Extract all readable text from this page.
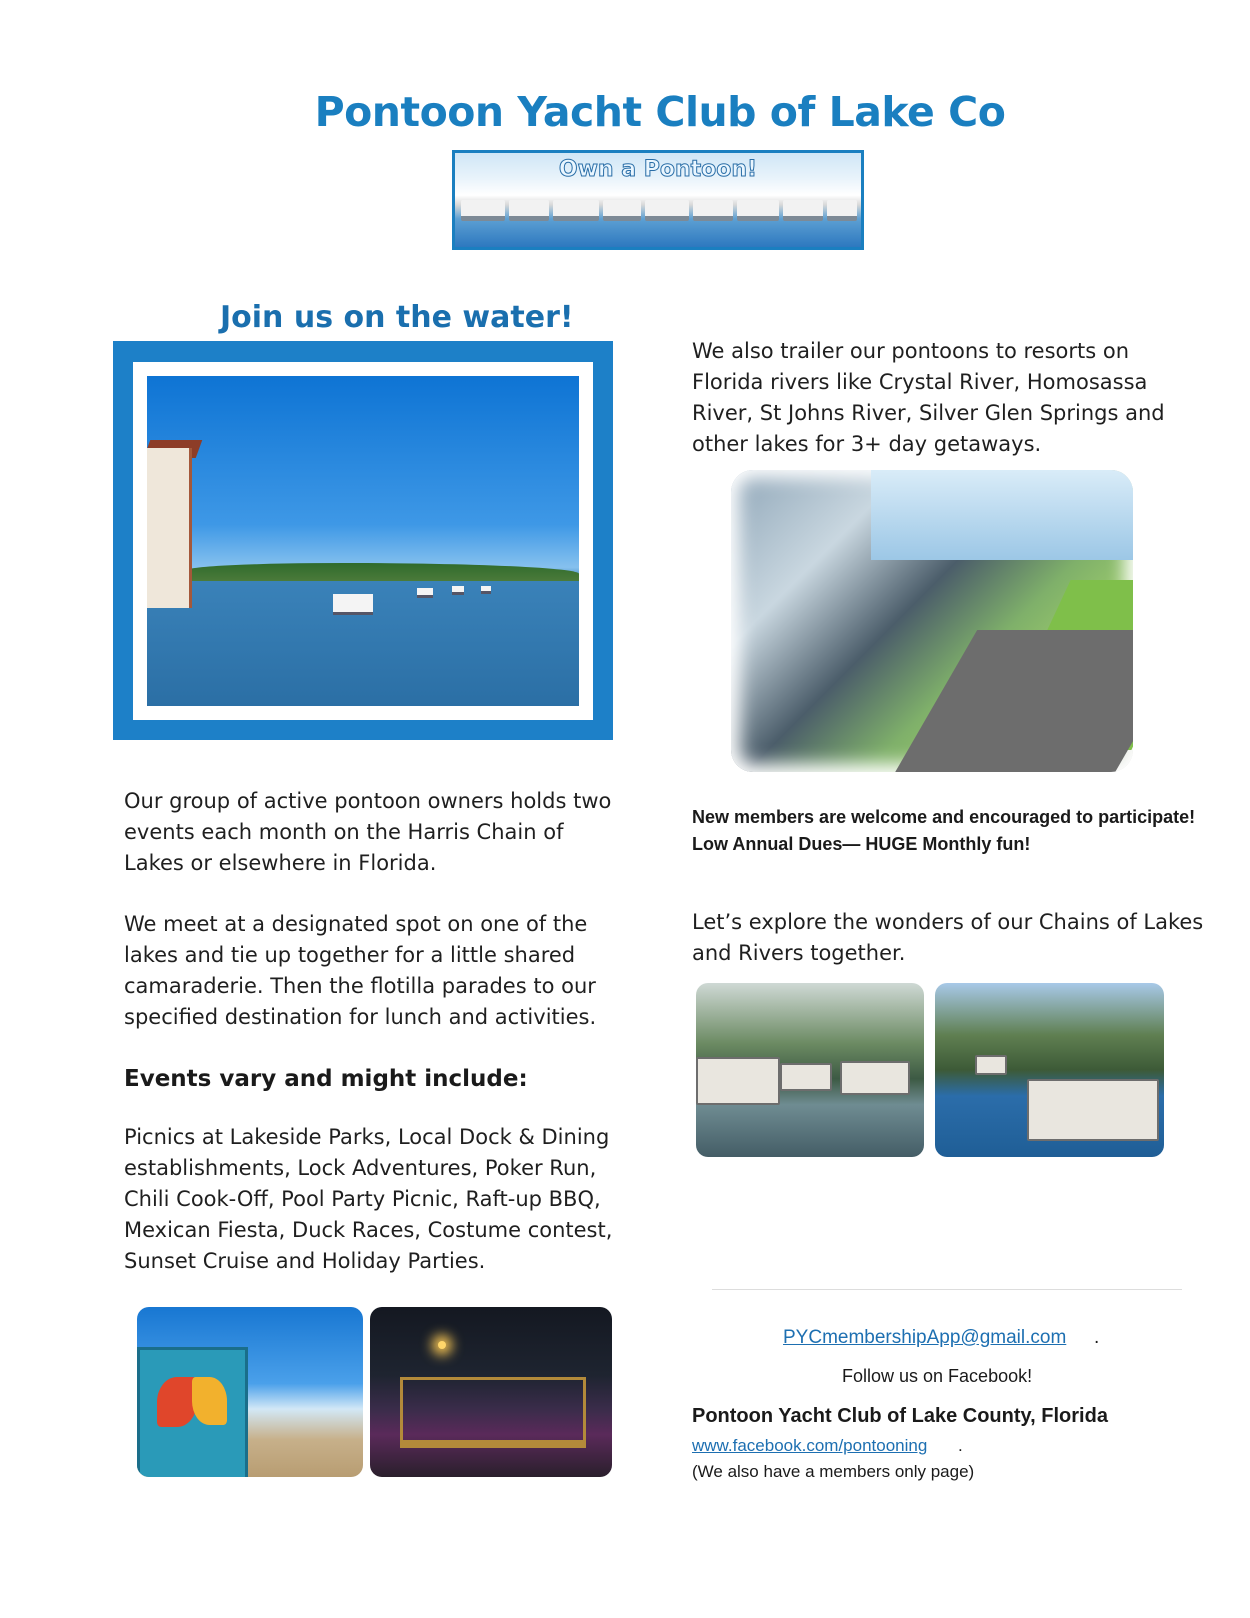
Pontoon Yacht Club of Lake Co
Own a Pontoon!
Join us on the water!
Our group of active pontoon owners holds two events each month on the Harris Chain of Lakes or elsewhere in Florida.
We meet at a designated spot on one of the lakes and tie up together for a little shared camaraderie. Then the flotilla parades to our specified destination for lunch and activities.
Events vary and might include:
Picnics at Lakeside Parks, Local Dock & Dining establishments, Lock Adventures, Poker Run, Chili Cook-Off, Pool Party Picnic, Raft-up BBQ, Mexican Fiesta, Duck Races, Costume contest, Sunset Cruise and Holiday Parties.
We also trailer our pontoons to resorts on Florida rivers like Crystal River, Homosassa River, St Johns River, Silver Glen Springs and other lakes for 3+ day getaways.
New members are welcome and encouraged to participate! Low Annual Dues— HUGE Monthly fun!
Let’s explore the wonders of our Chains of Lakes and Rivers together.
PYCmembershipApp@gmail.com .
Follow us on Facebook!
Pontoon Yacht Club of Lake County, Florida
www.facebook.com/pontooning .
(We also have a members only page)
